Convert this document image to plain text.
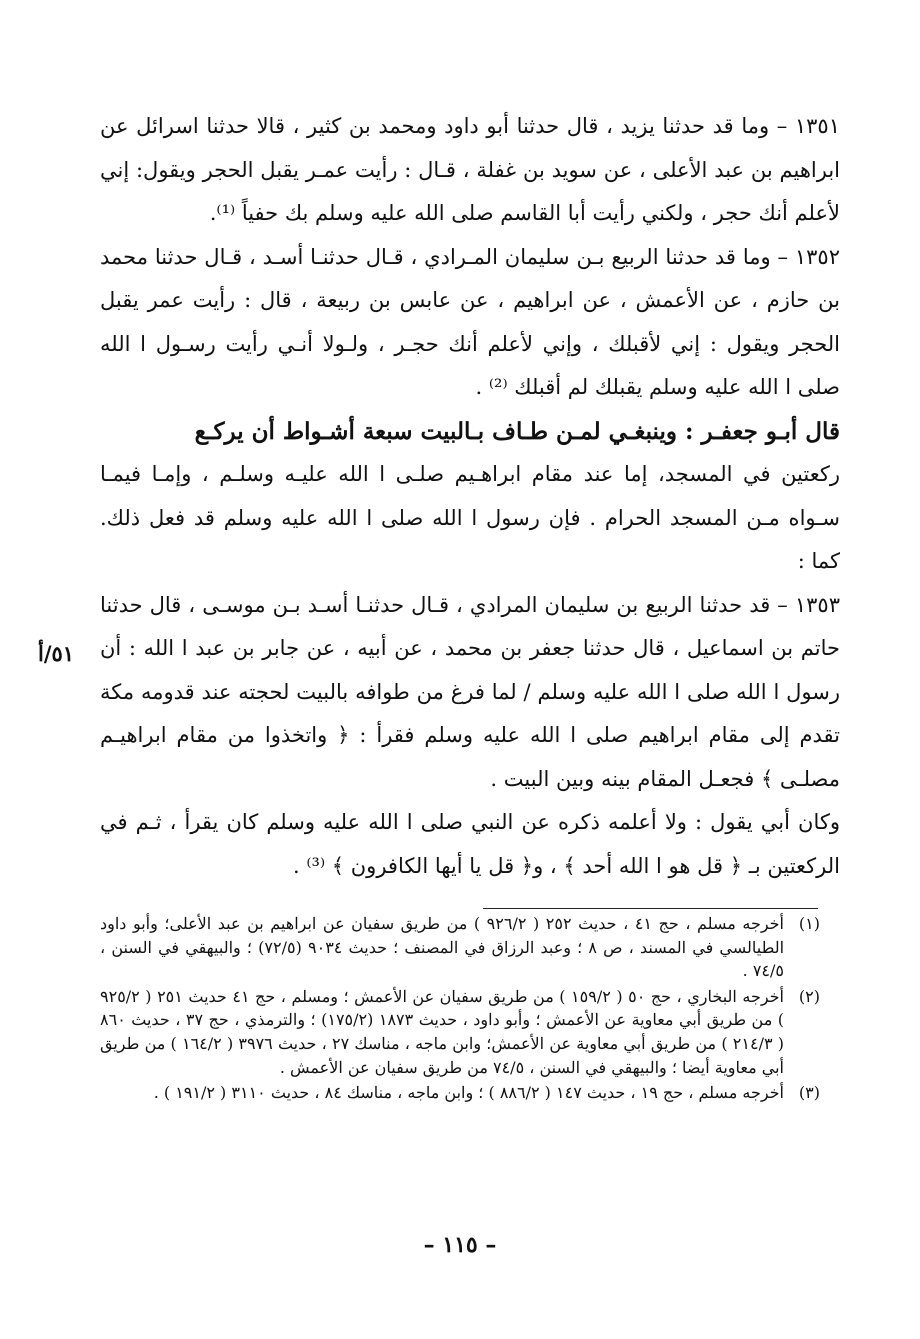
١٣٥١ – وما قد حدثنا يزيد ، قال حدثنا أبو داود ومحمد بن كثير ، قالا حدثنا اسرائل عن ابراهيم بن عبد الأعلى ، عن سويد بن غفلة ، قـال : رأيت عمـر يقبل الحجر ويقول: إني لأعلم أنك حجر ، ولكني رأيت أبا القاسم صلى الله عليه وسلم بك حفياً ⁽¹⁾.

١٣٥٢ – وما قد حدثنا الربيع بـن سليمان المـرادي ، قـال حدثنـا أسـد ، قـال حدثنا محمد بن حازم ، عن الأعمش ، عن ابراهيم ، عن عابس بن ربيعة ، قال : رأيت عمر يقبل الحجر ويقول : إني لأقبلك ، وإني لأعلم أنك حجـر ، ولـولا أنـي رأيت رسـول ا الله صلى ا الله عليه وسلم يقبلك لم أقبلك ⁽²⁾ .

قال أبـو جعفـر : وينبغـي لمـن طـاف بـالبيت سبعة أشـواط أن يركـع

ركعتين في المسجد، إما عند مقام ابراهـيم صلـى ا الله عليـه وسلـم ، وإمـا فيمـا سـواه مـن المسجد الحرام . فإن رسول ا الله صلى ا الله عليه وسلم قد فعل ذلك. كما :

١٣٥٣ – قد حدثنا الربيع بن سليمان المرادي ، قـال حدثنـا أسـد بـن موسـى ، قال حدثنا حاتم بن اسماعيل ، قال حدثنا جعفر بن محمد ، عن أبيه ، عن جابر بن عبد ا الله : أن رسول ا الله صلى ا الله عليه وسلم / لما فرغ من طوافه بالبيت لحجته عند قدومه مكة تقدم إلى مقام ابراهيم صلى ا الله عليه وسلم فقرأ : ﴿ واتخذوا من مقام ابراهيـم مصلـى ﴾ فجعـل المقام بينه وبين البيت .

وكان أبي يقول : ولا أعلمه ذكره عن النبي صلى ا الله عليه وسلم كان يقرأ ، ثـم في الركعتين بـ ﴿ قل هو ا الله أحد ﴾ ، و﴿ قل يا أيها الكافرون ﴾ ⁽³⁾ .

٥١/أ
(١)
أخرجه مسلم ، حج ٤١ ، حديث ٢٥٢ ( ٩٢٦/٢ ) من طريق سفيان عن ابراهيم بن عبد الأعلى؛ وأبو داود الطيالسي في المسند ، ص ٨ ؛ وعبد الرزاق في المصنف ؛ حديث ٩٠٣٤ (٧٢/٥) ؛ والبيهقي في السنن ، ٧٤/٥ .
(٢)
أخرجه البخاري ، حج ٥٠ ( ١٥٩/٢ ) من طريق سفيان عن الأعمش ؛ ومسلم ، حج ٤١ حديث ٢٥١ ( ٩٢٥/٢ ) من طريق أبي معاوية عن الأعمش ؛ وأبو داود ، حديث ١٨٧٣ (١٧٥/٢) ؛ والترمذي ، حج ٣٧ ، حديث ٨٦٠ ( ٢١٤/٣ ) من طريق أبي معاوية عن الأعمش؛ وابن ماجه ، مناسك ٢٧ ، حديث ٣٩٧٦ ( ١٦٤/٢ ) من طريق أبي معاوية أيضا ؛ والبيهقي في السنن ، ٧٤/٥ من طريق سفيان عن الأعمش .
(٣)
أخرجه مسلم ، حج ١٩ ، حديث ١٤٧ ( ٨٨٦/٢ ) ؛ وابن ماجه ، مناسك ٨٤ ، حديث ٣١١٠ ( ١٩١/٢ ) .
– ١١٥ –
